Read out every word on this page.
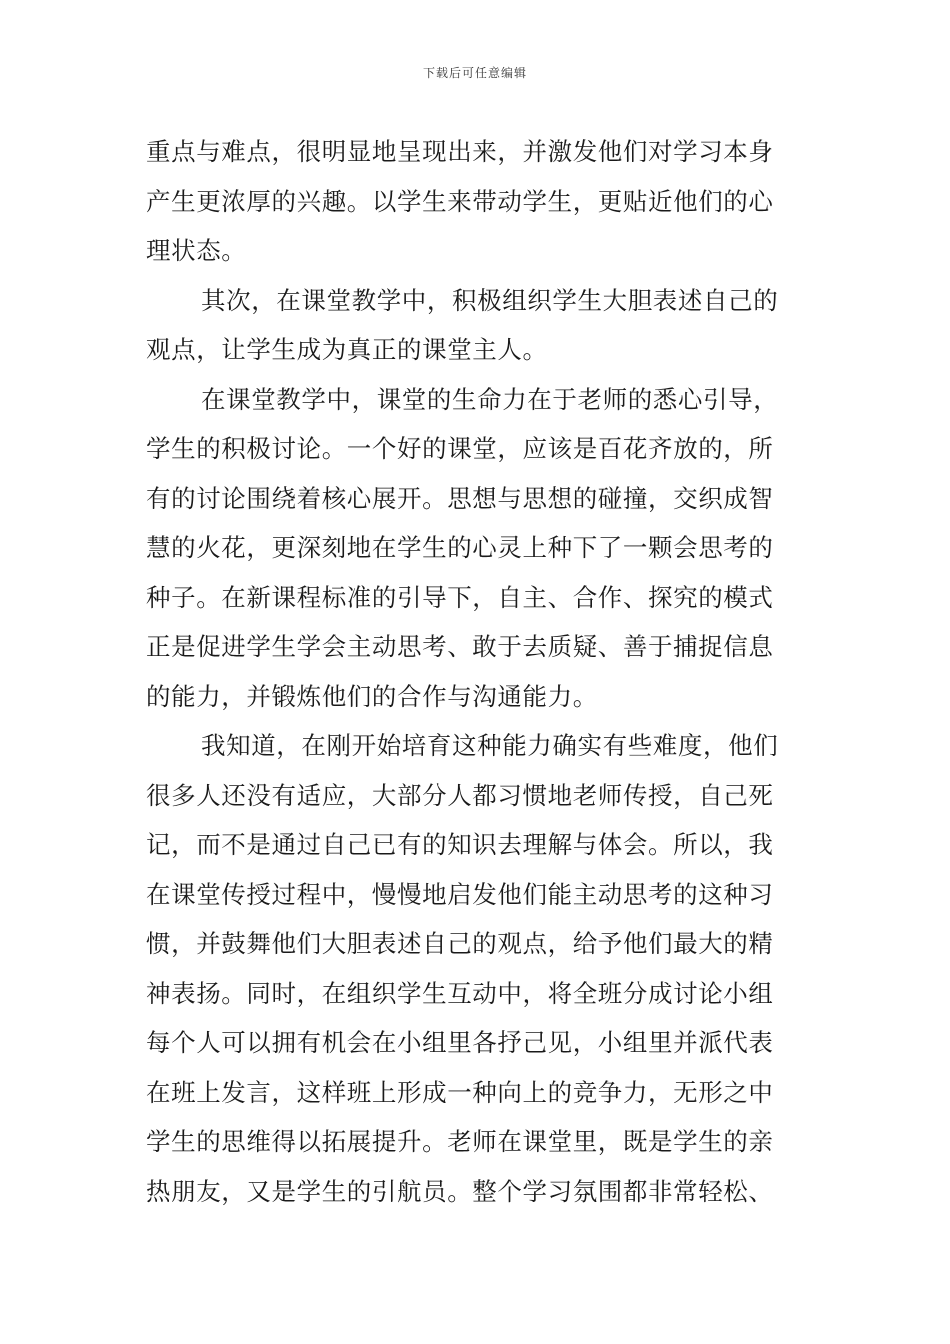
下载后可任意编辑
重点与难点，很明显地呈现出来，并激发他们对学习本身
产生更浓厚的兴趣。以学生来带动学生，更贴近他们的心
理状态。
其次，在课堂教学中，积极组织学生大胆表述自己的
观点，让学生成为真正的课堂主人。
在课堂教学中，课堂的生命力在于老师的悉心引导，
学生的积极讨论。一个好的课堂，应该是百花齐放的，所
有的讨论围绕着核心展开。思想与思想的碰撞，交织成智
慧的火花，更深刻地在学生的心灵上种下了一颗会思考的
种子。在新课程标准的引导下，自主、合作、探究的模式
正是促进学生学会主动思考、敢于去质疑、善于捕捉信息
的能力，并锻炼他们的合作与沟通能力。
我知道，在刚开始培育这种能力确实有些难度，他们
很多人还没有适应，大部分人都习惯地老师传授，自己死
记，而不是通过自己已有的知识去理解与体会。所以，我
在课堂传授过程中，慢慢地启发他们能主动思考的这种习
惯，并鼓舞他们大胆表述自己的观点，给予他们最大的精
神表扬。同时，在组织学生互动中，将全班分成讨论小组
每个人可以拥有机会在小组里各抒己见，小组里并派代表
在班上发言，这样班上形成一种向上的竞争力，无形之中
学生的思维得以拓展提升。老师在课堂里，既是学生的亲
热朋友，又是学生的引航员。整个学习氛围都非常轻松、
